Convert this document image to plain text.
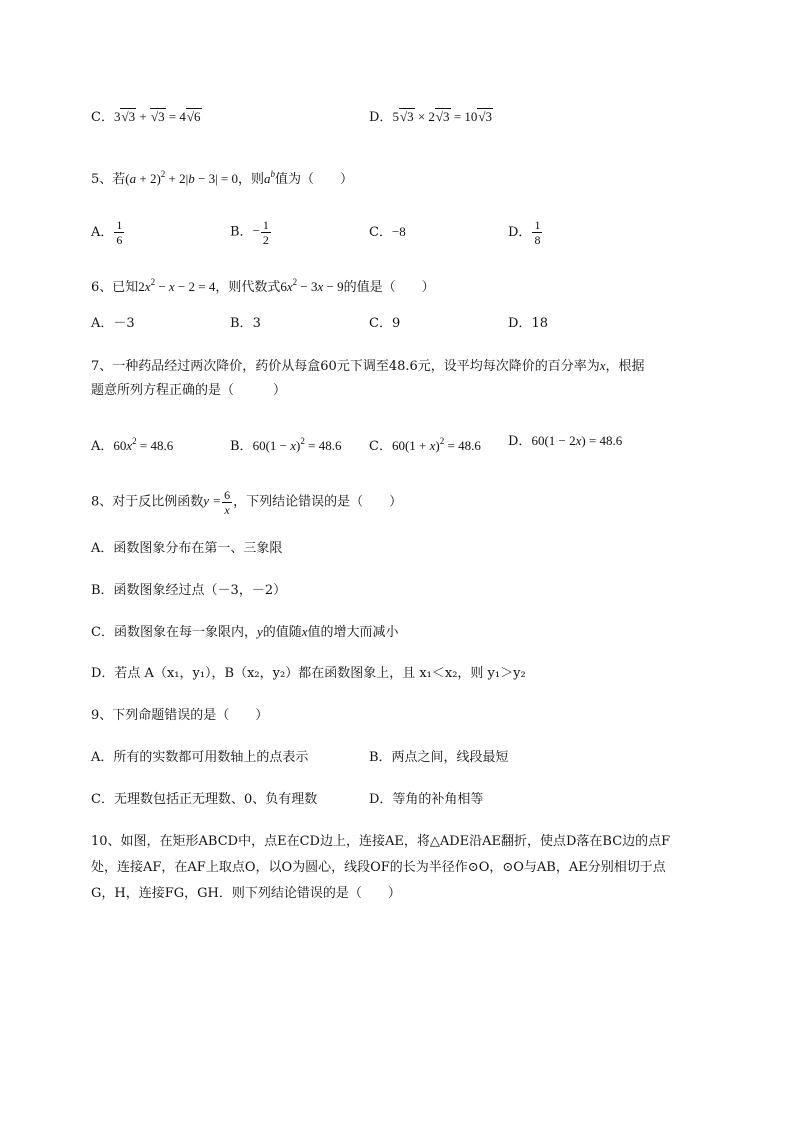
C．3√3 + √3 = 4√6	D．5√3 × 2√3 = 10√3
5、若$(a + 2)^2 + 2|b - 3| = 0$，则$a^b$值为（　　）
A． $\frac{1}{6}$	B．− $\frac{1}{2}$	C．−8	D． $\frac{1}{8}$
6、已知$2x^2 - x - 2 = 4$，则代数式$6x^2 - 3x - 9$的值是（　　）
A．－3	B．3	C．9	D．18
7、一种药品经过两次降价，药价从每盒60元下调至48.6元，设平均每次降价的百分率为x，根据
题意所列方程正确的是（　　　）
A．$60x^2 = 48.6$	B．$60(1 - x)^2 = 48.6$ C．$60(1 + x)^2 = 48.6$ D．60(1 − 2x) = 48.6
8、对于反比例函数$y = \frac{6}{x}$ ，下列结论错误的是（　　）
A．函数图象分布在第一、三象限
B．函数图象经过点（－3，－2）
C．函数图象在每一象限内，y的值随x值的增大而减小
D．若点 A（x₁，y₁），B（x₂，y₂）都在函数图象上，且 x₁＜x₂，则 y₁＞y₂
9、下列命题错误的是（　　）
A．所有的实数都可用数轴上的点表示	B．两点之间，线段最短
C．无理数包括正无理数、0、负有理数	D．等角的补角相等
10、如图，在矩形ABCD中，点E在CD边上，连接AE，将△ADE沿AE翻折，使点D落在BC边的点F
处，连接AF，在AF上取点O，以O为圆心，线段OF的长为半径作⊙O，⊙O与AB，AE分别相切于点
G，H，连接FG，GH．则下列结论错误的是（　　）
